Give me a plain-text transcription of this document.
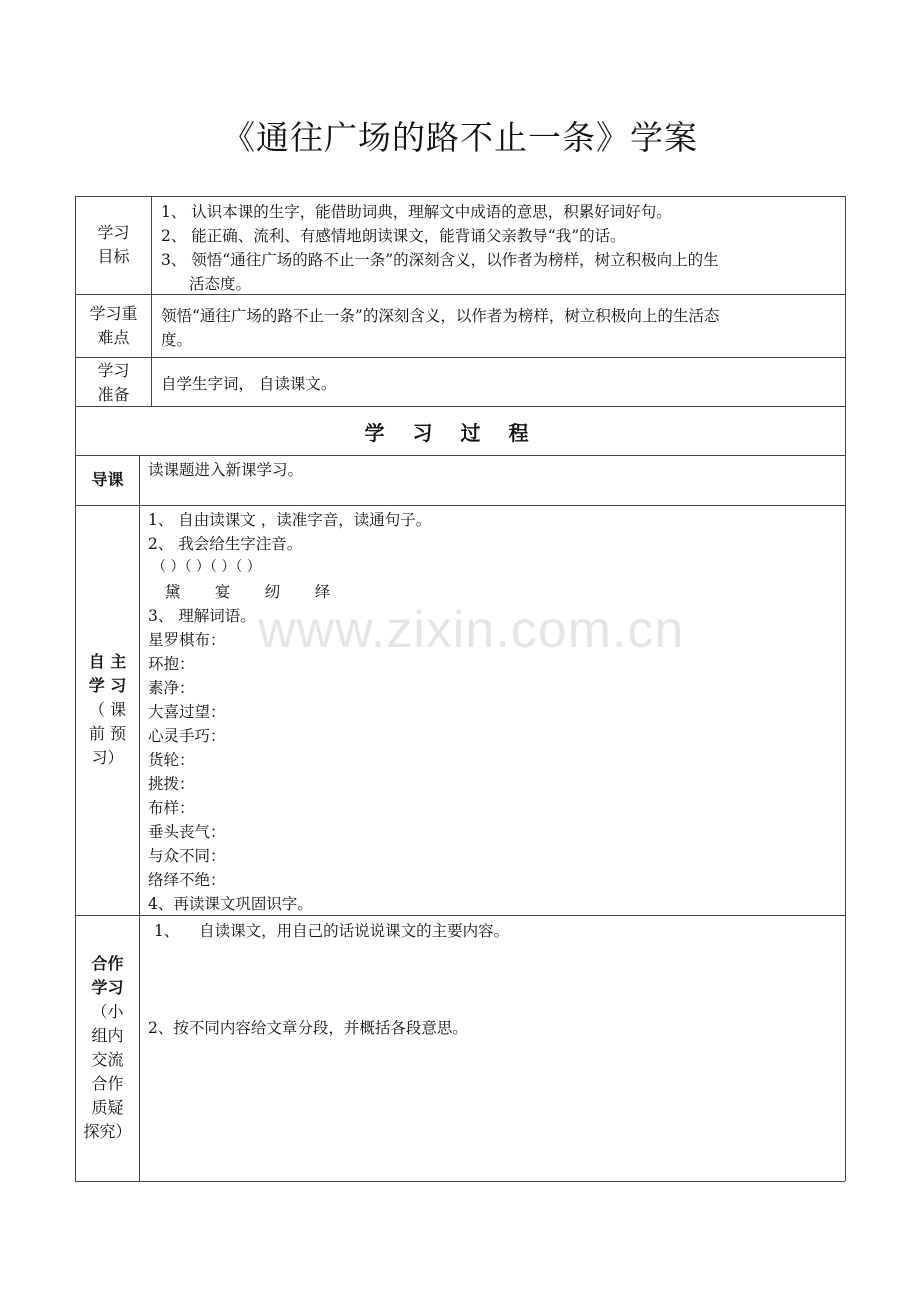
《通往广场的路不止一条》学案
www.zixin.com.cn
学习
目标
1、 认识本课的生字，能借助词典，理解文中成语的意思，积累好词好句。
2、 能正确、流利、有感情地朗读课文，能背诵父亲教导“我”的话。
3、 领悟“通往广场的路不止一条”的深刻含义，以作者为榜样，树立积极向上的生
活态度。
学习重
难点
领悟“通往广场的路不止一条”的深刻含义，以作者为榜样，树立积极向上的生活态
度。
学习
准备
自学生字词， 自读课文。
学习过程
导课	读课题进入新课学习。
自 主
学 习
（ 课
前 预
习）
1、 自由读课文 ，读准字音，读通句子。
2、 我会给生字注音。
（ ）（ ）（ ）（ ）
黛       宴       纫       绎
3、 理解词语。
星罗棋布：
环抱：
素净：
大喜过望：
心灵手巧：
货轮：
挑拨：
布样：
垂头丧气：
与众不同：
络绎不绝：
4、再读课文巩固识字。
合作
学习
（小
组内
交流
合作
质疑
探究）
1、    自读课文，用自己的话说说课文的主要内容。
2、按不同内容给文章分段，并概括各段意思。
